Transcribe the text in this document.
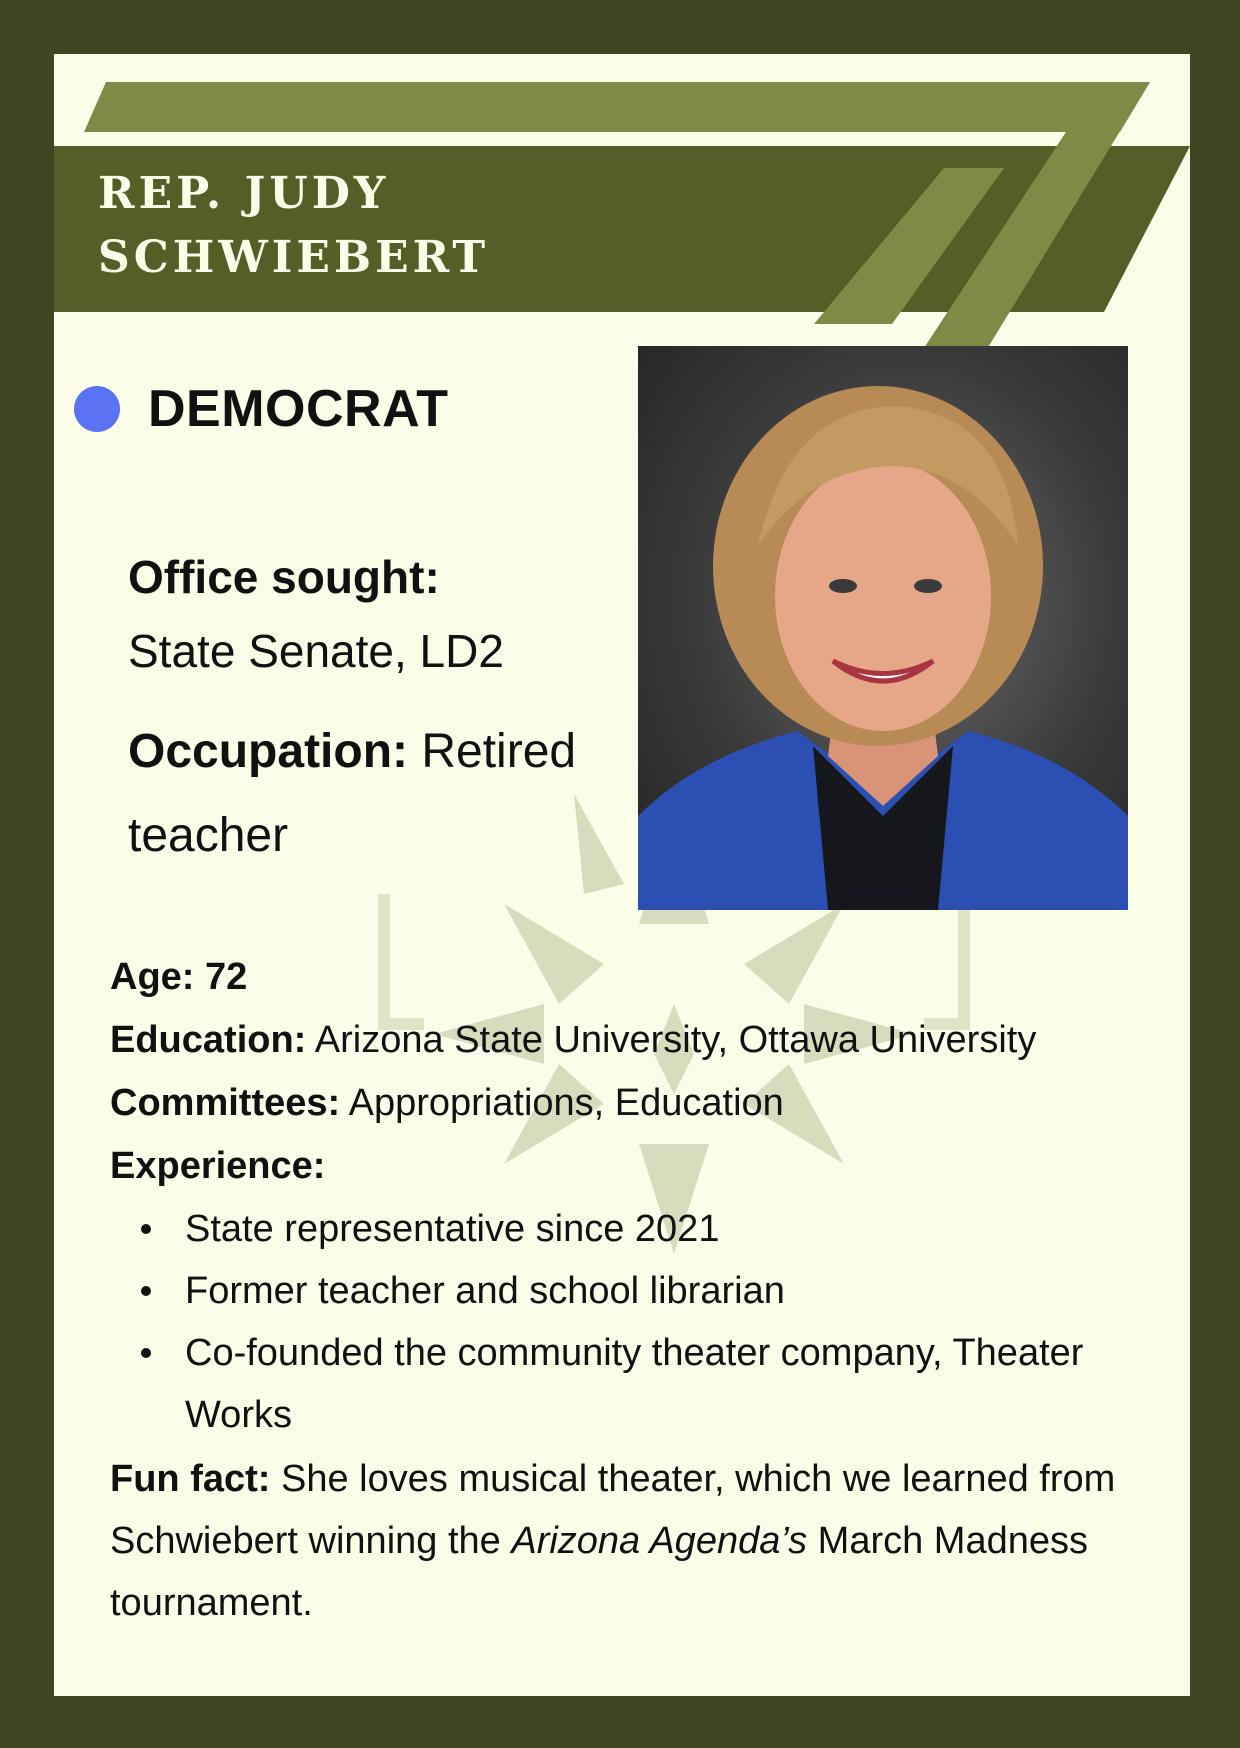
REP. JUDY
SCHWIEBERT
DEMOCRAT
Office sought:
State Senate, LD2
Occupation: Retired teacher
Age: 72
Education: Arizona State University, Ottawa University
Committees: Appropriations, Education
Experience:
State representative since 2021
Former teacher and school librarian
Co-founded the community theater company, Theater Works
Fun fact: She loves musical theater, which we learned from Schwiebert winning the Arizona Agenda’s March Madness tournament.
